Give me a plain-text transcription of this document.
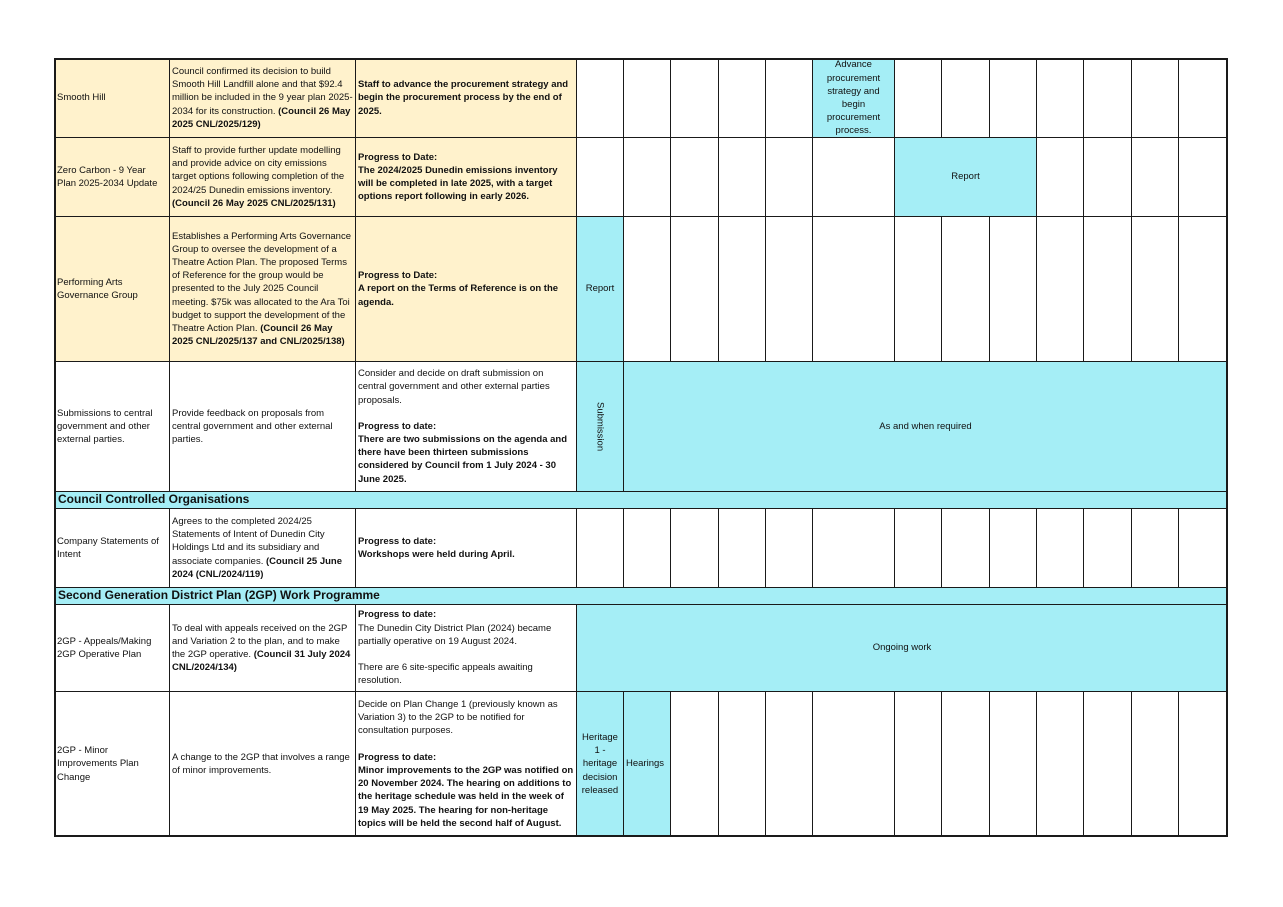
Smooth Hill
Council confirmed its decision to build Smooth Hill Landfill alone and that $92.4 million be included in the 9 year plan 2025-2034 for its construction. (Council 26 May 2025 CNL/2025/129)
Staff to advance the procurement strategy and begin the procurement process by the end of 2025.
Advance procurement strategy and begin procurement process.
Zero Carbon - 9 Year Plan 2025-2034 Update
Staff to provide further update modelling and provide advice on city emissions target options following completion of the 2024/25 Dunedin emissions inventory.
(Council 26 May 2025 CNL/2025/131)
Progress to Date:
The 2024/2025 Dunedin emissions inventory will be completed in late 2025, with a target options report following in early 2026.
Report
Performing Arts Governance Group
Establishes a Performing Arts Governance Group to oversee the development of a Theatre Action Plan. The proposed Terms of Reference for the group would be presented to the July 2025 Council meeting. $75k was allocated to the Ara Toi budget to support the development of the Theatre Action Plan. (Council 26 May 2025 CNL/2025/137 and CNL/2025/138)
Progress to Date:
A report on the Terms of Reference is on the agenda.
Report
Submissions to central government and other external parties.
Provide feedback on proposals from central government and other external parties.
Consider and decide on draft submission on central government and other external parties proposals.
Progress to date:
There are two submissions on the agenda and there have been thirteen submissions considered by Council from 1 July 2024 - 30 June 2025.
Submission	As and when required
Council Controlled Organisations
Company Statements of Intent
Agrees to the completed 2024/25 Statements of Intent of Dunedin City Holdings Ltd and its subsidiary and associate companies. (Council 25 June 2024 (CNL/2024/119)
Progress to date:
Workshops were held during April.
Second Generation District Plan (2GP) Work Programme
2GP - Appeals/Making 2GP Operative Plan
To deal with appeals received on the 2GP and Variation 2 to the plan, and to make the 2GP operative. (Council 31 July 2024 CNL/2024/134)
Progress to date:
The Dunedin City District Plan (2024) became partially operative on 19 August 2024.
There are 6 site-specific appeals awaiting resolution.
Ongoing work
2GP - Minor Improvements Plan Change
A change to the 2GP that involves a range of minor improvements.
Decide on Plan Change 1 (previously known as Variation 3) to the 2GP to be notified for consultation purposes.
Progress to date:
Minor improvements to the 2GP was notified on 20 November 2024. The hearing on additions to the heritage schedule was held in the week of 19 May 2025. The hearing for non-heritage topics will be held the second half of August.
Heritage 1 - heritage decision released
Hearings
